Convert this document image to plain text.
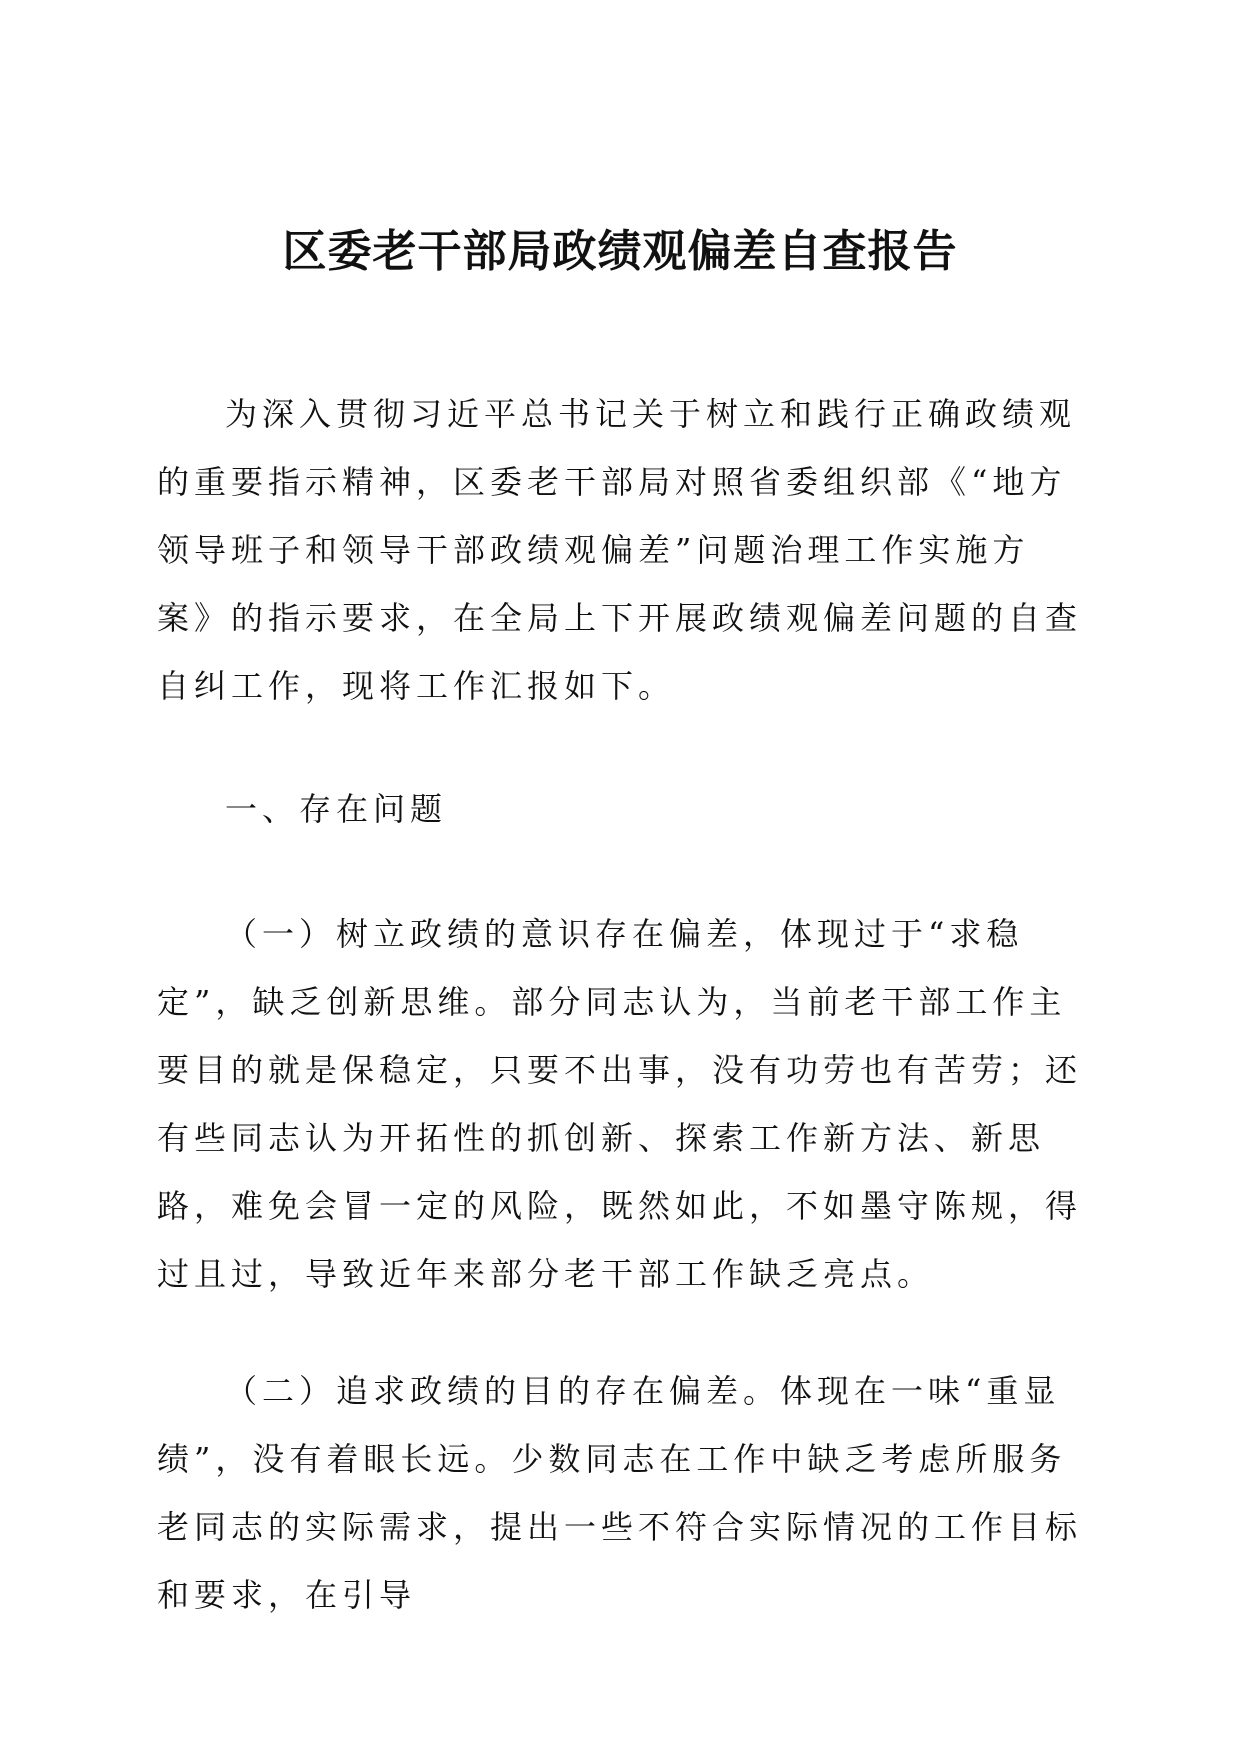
区委老干部局政绩观偏差自查报告

为深入贯彻习近平总书记关于树立和践行正确政绩观的重要指示精神，区委老干部局对照省委组织部《“地方领导班子和领导干部政绩观偏差”问题治理工作实施方案》的指示要求，在全局上下开展政绩观偏差问题的自查自纠工作，现将工作汇报如下。

一、存在问题

（一）树立政绩的意识存在偏差，体现过于“求稳定”，缺乏创新思维。部分同志认为，当前老干部工作主要目的就是保稳定，只要不出事，没有功劳也有苦劳；还有些同志认为开拓性的抓创新、探索工作新方法、新思路，难免会冒一定的风险，既然如此，不如墨守陈规，得过且过，导致近年来部分老干部工作缺乏亮点。

（二）追求政绩的目的存在偏差。体现在一味“重显绩”，没有着眼长远。少数同志在工作中缺乏考虑所服务老同志的实际需求，提出一些不符合实际情况的工作目标和要求，在引导
